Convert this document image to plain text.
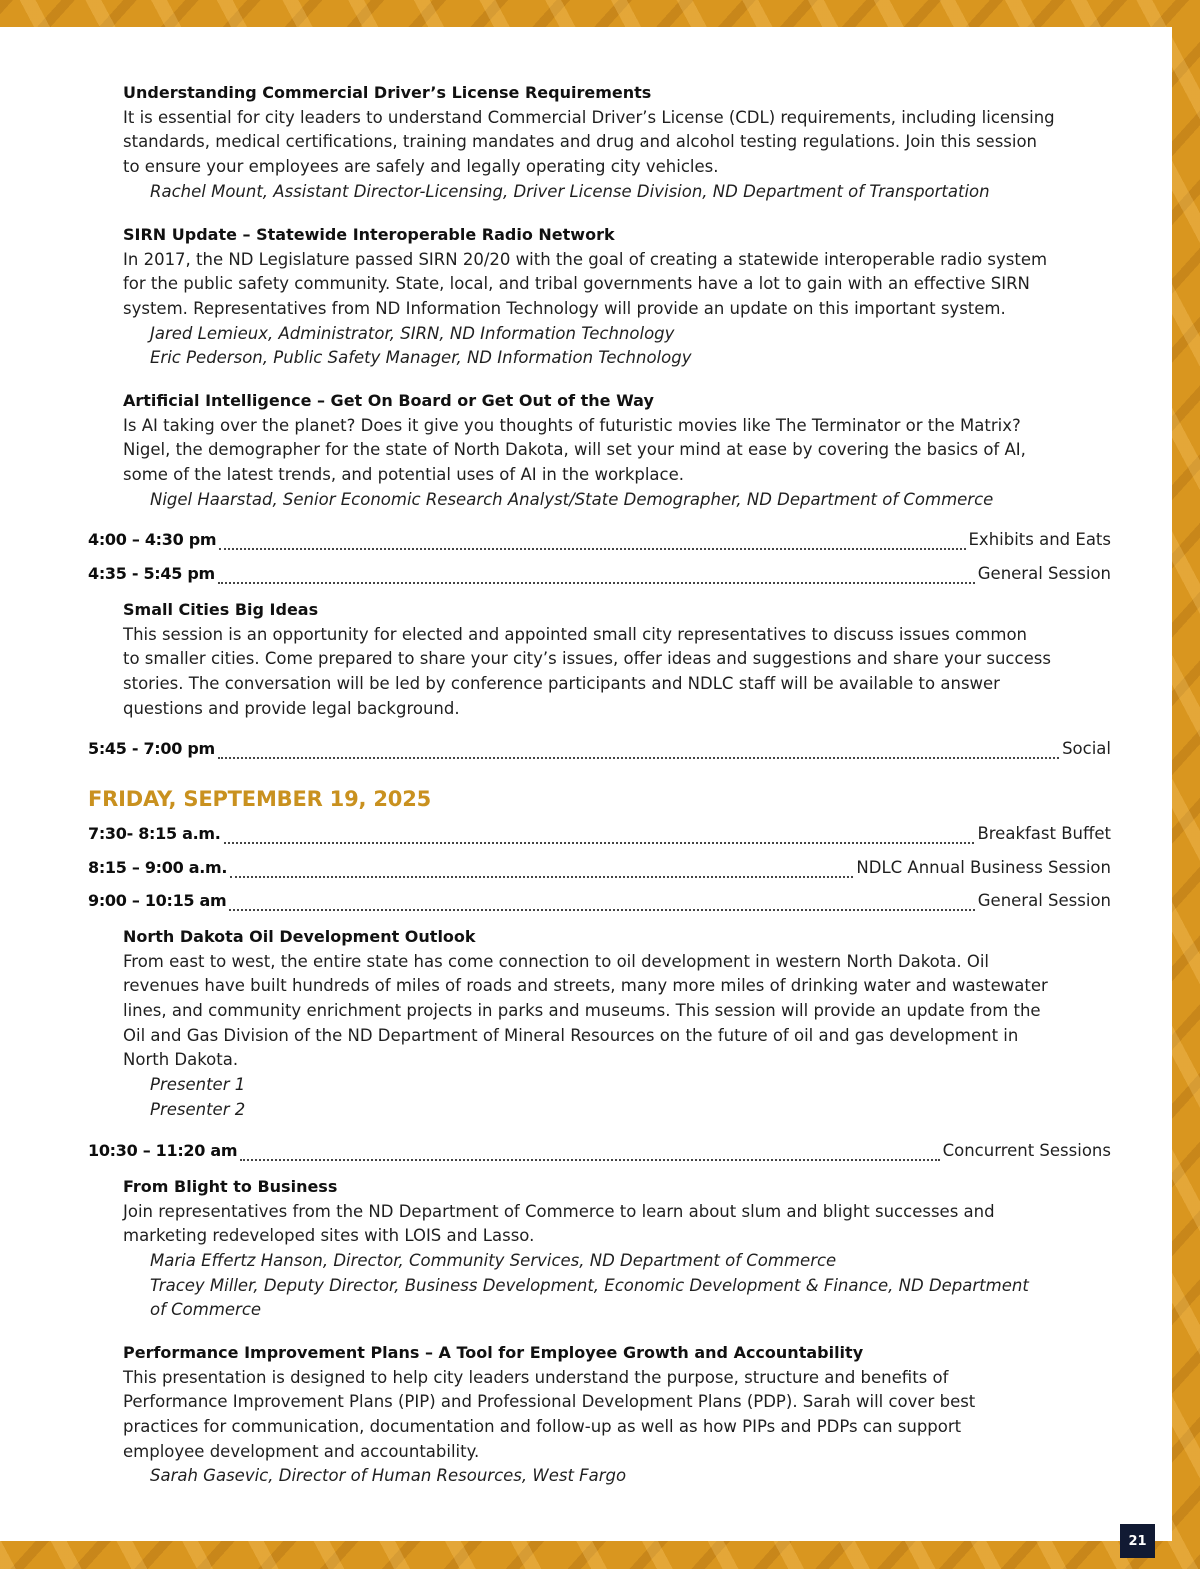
Understanding Commercial Driver’s License Requirements
It is essential for city leaders to understand Commercial Driver’s License (CDL) requirements, including licensing
standards, medical certifications, training mandates and drug and alcohol testing regulations. Join this session
to ensure your employees are safely and legally operating city vehicles.
Rachel Mount, Assistant Director-Licensing, Driver License Division, ND Department of Transportation
SIRN Update – Statewide Interoperable Radio Network
In 2017, the ND Legislature passed SIRN 20/20 with the goal of creating a statewide interoperable radio system
for the public safety community. State, local, and tribal governments have a lot to gain with an effective SIRN
system. Representatives from ND Information Technology will provide an update on this important system.
Jared Lemieux, Administrator, SIRN, ND Information Technology
Eric Pederson, Public Safety Manager, ND Information Technology
Artificial Intelligence – Get On Board or Get Out of the Way
Is AI taking over the planet? Does it give you thoughts of futuristic movies like The Terminator or the Matrix?
Nigel, the demographer for the state of North Dakota, will set your mind at ease by covering the basics of AI,
some of the latest trends, and potential uses of AI in the workplace.
Nigel Haarstad, Senior Economic Research Analyst/State Demographer, ND Department of Commerce
4:00 – 4:30 pm	Exhibits and Eats
4:35 - 5:45 pm	General Session
Small Cities Big Ideas
This session is an opportunity for elected and appointed small city representatives to discuss issues common
to smaller cities. Come prepared to share your city’s issues, offer ideas and suggestions and share your success
stories. The conversation will be led by conference participants and NDLC staff will be available to answer
questions and provide legal background.
5:45 - 7:00 pm	Social
FRIDAY, SEPTEMBER 19, 2025
7:30- 8:15 a.m.	Breakfast Buffet
8:15 – 9:00 a.m.	NDLC Annual Business Session
9:00 – 10:15 am	General Session
North Dakota Oil Development Outlook
From east to west, the entire state has come connection to oil development in western North Dakota. Oil
revenues have built hundreds of miles of roads and streets, many more miles of drinking water and wastewater
lines, and community enrichment projects in parks and museums. This session will provide an update from the
Oil and Gas Division of the ND Department of Mineral Resources on the future of oil and gas development in
North Dakota.
Presenter 1
Presenter 2
10:30 – 11:20 am	Concurrent Sessions
From Blight to Business
Join representatives from the ND Department of Commerce to learn about slum and blight successes and
marketing redeveloped sites with LOIS and Lasso.
Maria Effertz Hanson, Director, Community Services, ND Department of Commerce
Tracey Miller, Deputy Director, Business Development, Economic Development & Finance, ND Department
of Commerce
Performance Improvement Plans – A Tool for Employee Growth and Accountability
This presentation is designed to help city leaders understand the purpose, structure and benefits of
Performance Improvement Plans (PIP) and Professional Development Plans (PDP). Sarah will cover best
practices for communication, documentation and follow-up as well as how PIPs and PDPs can support
employee development and accountability.
Sarah Gasevic, Director of Human Resources, West Fargo
21
